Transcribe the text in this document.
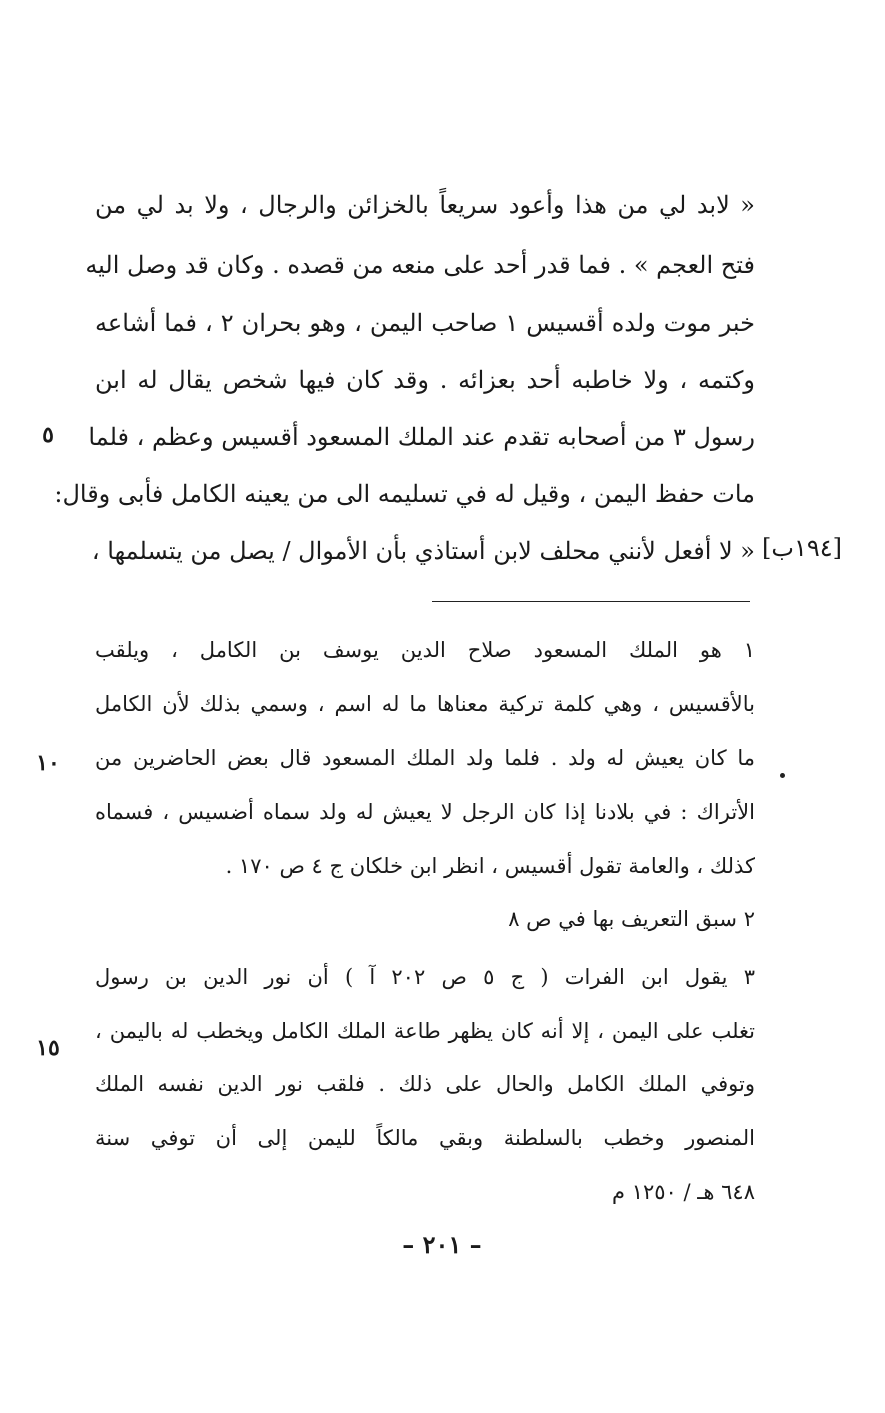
« لابد لي من هذا وأعود سريعاً بالخزائن والرجال ، ولا بد لي من
فتح العجم » . فما قدر أحد على منعه من قصده . وكان قد وصل اليه
خبر موت ولده أقسيس ١ صاحب اليمن ، وهو بحران ٢ ، فما أشاعه
وكتمه ، ولا خاطبه أحد بعزائه . وقد كان فيها شخص يقال له ابن
رسول ٣ من أصحابه تقدم عند الملك المسعود أقسيس وعظم ، فلما
مات حفظ اليمن ، وقيل له في تسليمه الى من يعينه الكامل فأبى وقال:
« لا أفعل لأنني محلف لابن أستاذي بأن الأموال / يصل من يتسلمها ، [١٩٤ب]
٥
١ هو الملك المسعود صلاح الدين يوسف بن الكامل ، ويلقب
بالأقسيس ، وهي كلمة تركية معناها ما له اسم ، وسمي بذلك لأن الكامل
ما كان يعيش له ولد . فلما ولد الملك المسعود قال بعض الحاضرين من
الأتراك : في بلادنا إذا كان الرجل لا يعيش له ولد سماه أضسيس ، فسماه
كذلك ، والعامة تقول أقسيس ، انظر ابن خلكان ج ٤ ص ١٧٠ .
٢ سبق التعريف بها في ص ٨
٣ يقول ابن الفرات ( ج ٥ ص ٢٠٢ آ ) أن نور الدين بن رسول
تغلب على اليمن ، إلا أنه كان يظهر طاعة الملك الكامل ويخطب له باليمن ،
وتوفي الملك الكامل والحال على ذلك . فلقب نور الدين نفسه الملك
المنصور وخطب بالسلطنة وبقي مالكاً لليمن إلى أن توفي سنة
٦٤٨ هـ / ١٢٥٠ م
١٠
١٥
– ٢٠١ –
